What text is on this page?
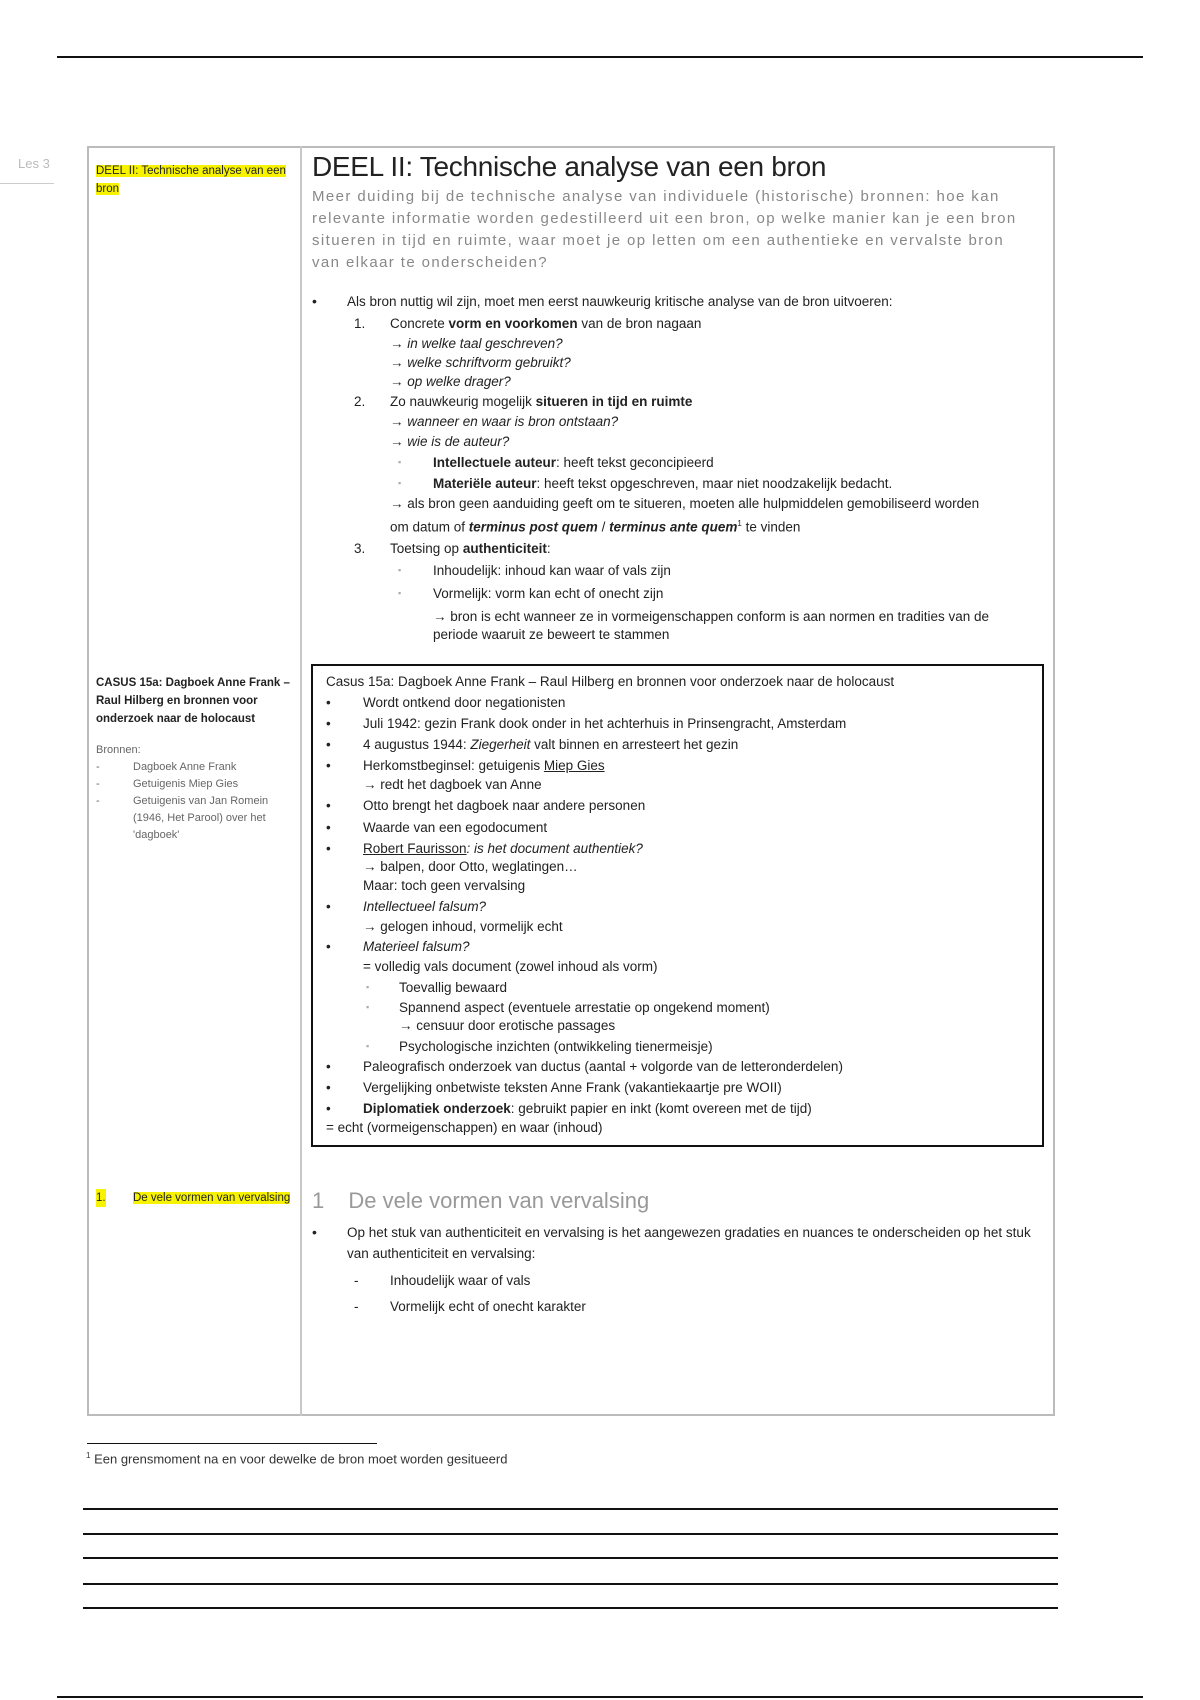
Les 3	DEEL II: Technische analyse van een bron
CASUS 15a: Dagboek Anne Frank – Raul Hilberg en bronnen voor onderzoek naar de holocaust
Bronnen:
- Dagboek Anne Frank
- Getuigenis Miep Gies
- Getuigenis van Jan Romein (1946, Het Parool) over het 'dagboek'
1. De vele vormen van vervalsing
DEEL II: Technische analyse van een bron
Meer duiding bij de technische analyse van individuele (historische) bronnen: hoe kan relevante informatie worden gedestilleerd uit een bron, op welke manier kan je een bron situeren in tijd en ruimte, waar moet je op letten om een authentieke en vervalste bron van elkaar te onderscheiden?
• Als bron nuttig wil zijn, moet men eerst nauwkeurig kritische analyse van de bron uitvoeren:
1. Concrete vorm en voorkomen van de bron nagaan
→ in welke taal geschreven?
→ welke schriftvorm gebruikt?
→ op welke drager?
2. Zo nauwkeurig mogelijk situeren in tijd en ruimte
→ wanneer en waar is bron ontstaan?
→ wie is de auteur?
▪ Intellectuele auteur: heeft tekst geconcipieerd
▪ Materiële auteur: heeft tekst opgeschreven, maar niet noodzakelijk bedacht.
→ als bron geen aanduiding geeft om te situeren, moeten alle hulpmiddelen gemobiliseerd worden
om datum of terminus post quem / terminus ante quem$^1$ te vinden
3. Toetsing op authenticiteit:
▪ Inhoudelijk: inhoud kan waar of vals zijn
▪ Vormelijk: vorm kan echt of onecht zijn
→ bron is echt wanneer ze in vormeigenschappen conform is aan normen en tradities van de
periode waaruit ze beweert te stammen
Casus 15a: Dagboek Anne Frank – Raul Hilberg en bronnen voor onderzoek naar de holocaust
• Wordt ontkend door negationisten
• Juli 1942: gezin Frank dook onder in het achterhuis in Prinsengracht, Amsterdam
• 4 augustus 1944: Ziegerheit valt binnen en arresteert het gezin
• Herkomstbeginsel: getuigenis Miep Gies
→ redt het dagboek van Anne
• Otto brengt het dagboek naar andere personen
• Waarde van een egodocument
• Robert Faurisson: is het document authentiek?
→ balpen, door Otto, weglatingen…
Maar: toch geen vervalsing
• Intellectueel falsum?
→ gelogen inhoud, vormelijk echt
• Materieel falsum?
= volledig vals document (zowel inhoud als vorm)
▪ Toevallig bewaard
▪ Spannend aspect (eventuele arrestatie op ongekend moment)
→ censuur door erotische passages
▪ Psychologische inzichten (ontwikkeling tienermeisje)
• Paleografisch onderzoek van ductus (aantal + volgorde van de letteronderdelen)
• Vergelijking onbetwiste teksten Anne Frank (vakantiekaartje pre WOII)
• Diplomatiek onderzoek: gebruikt papier en inkt (komt overeen met de tijd)
= echt (vormeigenschappen) en waar (inhoud)
1 De vele vormen van vervalsing
• Op het stuk van authenticiteit en vervalsing is het aangewezen gradaties en nuances te onderscheiden op het stuk van authenticiteit en vervalsing:
- Inhoudelijk waar of vals
- Vormelijk echt of onecht karakter
$^1$ Een grensmoment na en voor dewelke de bron moet worden gesitueerd
